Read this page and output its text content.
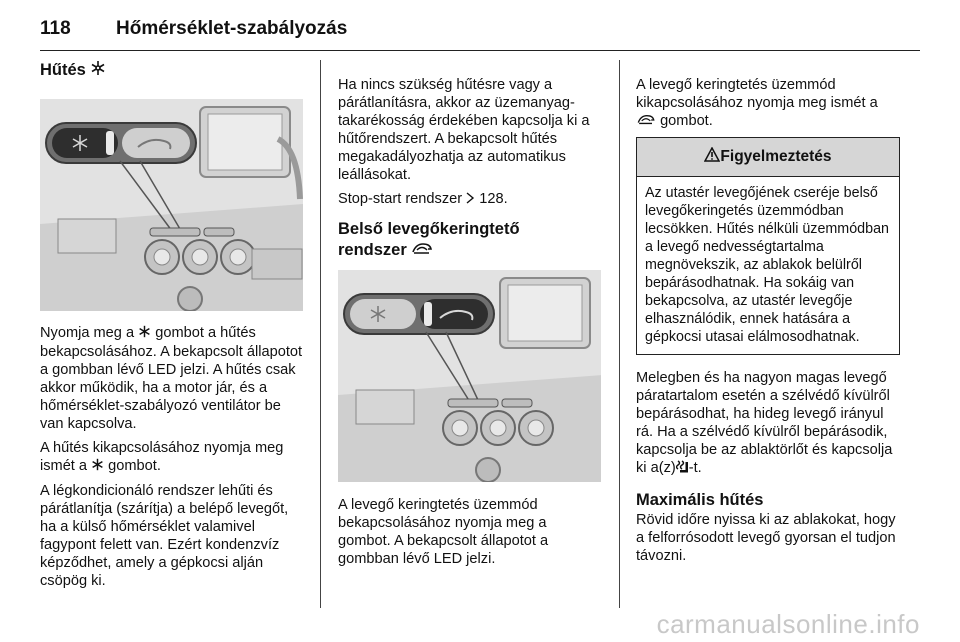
118 Hőmérséklet-szabályozás
Hűtés

Nyomja meg a gombot a hűtés bekapcsolásához. A bekapcsolt állapotot a gombban lévő LED jelzi. A hűtés csak akkor működik, ha a motor jár, és a hőmérséklet-szabályozó ventilátor be van kapcsolva.

A hűtés kikapcsolásához nyomja meg ismét a gombot.

A légkondicionáló rendszer lehűti és párátlanítja (szárítja) a belépő levegőt, ha a külső hőmérséklet valamivel fagypont felett van. Ezért kondenzvíz képződhet, amely a gépkocsi alján csöpög ki.

Ha nincs szükség hűtésre vagy a párátlanításra, akkor az üzemanyag-takarékosság érdekében kapcsolja ki a hűtőrendszert. A bekapcsolt hűtés megakadályozhatja az automatikus leállásokat.

Stop-start rendszer 128.

Belső levegőkeringtető
rendszer

A levegő keringtetés üzemmód bekapcsolásához nyomja meg a gombot. A bekapcsolt állapotot a gombban lévő LED jelzi.

A levegő keringtetés üzemmód kikapcsolásához nyomja meg ismét a  gombot.

Figyelmeztetés
Az utastér levegőjének cseréje belső levegőkeringetés üzemmódban lecsökken. Hűtés nélküli üzemmódban a levegő nedvességtartalma megnövekszik, az ablakok belülről bepárásodhatnak. Ha sokáig van bekapcsolva, az utastér levegője elhasználódik, ennek hatására a gépkocsi utasai elálmosodhatnak.

Melegben és ha nagyon magas levegő páratartalom esetén a szélvédő kívülről bepárásodhat, ha hideg levegő irányul rá. Ha a szélvédő kívülről bepárásodik, kapcsolja be az ablaktörlőt és kapcsolja ki a(z) -t.

Maximális hűtés

Rövid időre nyissa ki az ablakokat, hogy a felforrósodott levegő gyorsan el tudjon távozni.

carmanualsonline.info
